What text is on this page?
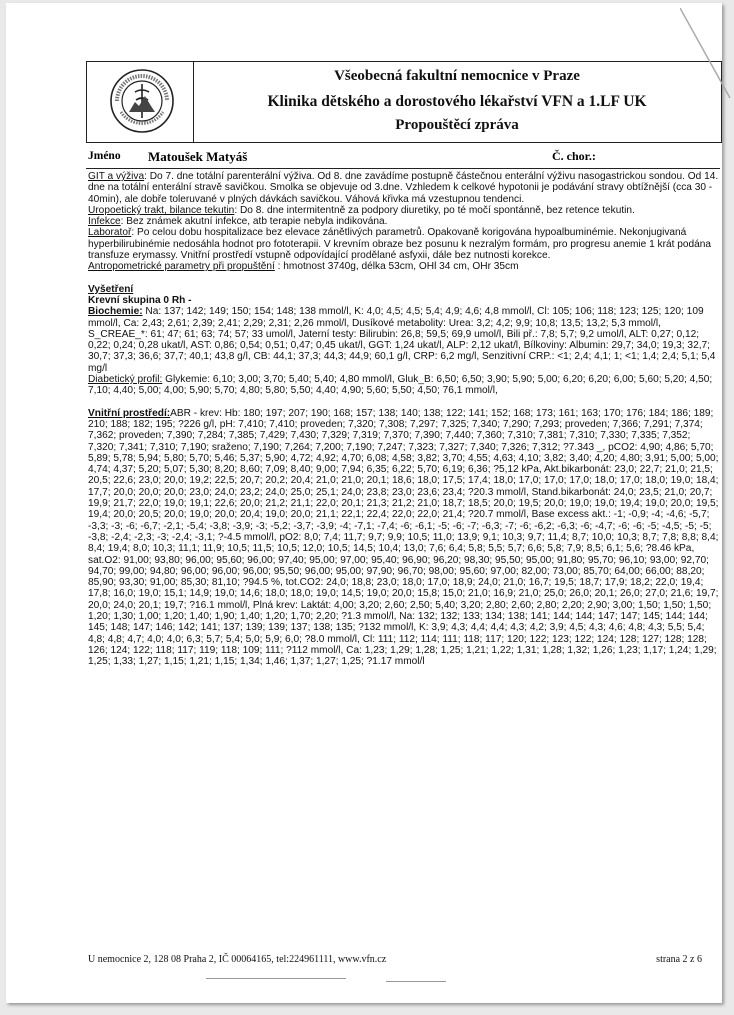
Všeobecná fakultní nemocnice v Praze
Klinika dětského a dorostového lékařství VFN a 1.LF UK
Propouštěcí zpráva
Jméno Matoušek Matyáš	Č. chor.:

GIT a výživa: Do 7. dne totální parenterální výživa. Od 8. dne zavádíme postupně částečnou enterální výživu nasogastrickou sondou. Od 14. dne na totální enterální stravě savičkou. Smolka se objevuje od 3.dne. Vzhledem k celkové hypotonii je podávání stravy obtížnější (cca 30 - 40min), ale dobře toleruvané v plných dávkách savičkou. Váhová křivka má vzestupnou tendenci.

Uropoetický trakt, bilance tekutin: Do 8. dne intermitentně za podpory diuretiky, po té močí spontánně, bez retence tekutin.

Infekce: Bez známek akutní infekce, atb terapie nebyla indikována.

Laboratoř: Po celou dobu hospitalizace bez elevace zánětlivých parametrů. Opakovaně korigována hypoalbuminémie. Nekonjugivaná hyperbilirubinémie nedosáhla hodnot pro fototerapii. V krevním obraze bez posunu k nezralým formám, pro progresu anemie 1 krát podána transfuze erymassy. Vnitřní prostředí vstupně odpovídající prodělané asfyxii, dále bez nutnosti korekce.

Antropometrické parametry při propuštění : hmotnost 3740g, délka 53cm, OHl 34 cm, OHr 35cm

Vyšetření

Krevní skupina 0 Rh -

Biochemie: Na: 137; 142; 149; 150; 154; 148; 138 mmol/l, K: 4,0; 4,5; 4,5; 5,4; 4,9; 4,6; 4,8 mmol/l, Cl: 105; 106; 118; 123; 125; 120; 109 mmol/l, Ca: 2,43; 2,61; 2,39; 2,41; 2,29; 2,31; 2,26 mmol/l, Dusíkové metabolity: Urea: 3,2; 4,2; 9,9; 10,8; 13,5; 13,2; 5,3 mmol/l, S_CREAE_*: 61; 47; 61; 63; 74; 57; 33 umol/l, Jaterní testy: Bilirubin: 26,8; 59,5; 69,9 umol/l, Bili př.: 7,8; 5,7; 9,2 umol/l, ALT: 0,27; 0,12; 0,22; 0,24; 0,28 ukat/l, AST: 0,86; 0,54; 0,51; 0,47; 0,45 ukat/l, GGT: 1,24 ukat/l, ALP: 2,12 ukat/l, Bílkoviny: Albumin: 29,7; 34,0; 19,3; 32,7; 30,7; 37,3; 36,6; 37,7; 40,1; 43,8 g/l, CB: 44,1; 37,3; 44,3; 44,9; 60,1 g/l, CRP: 6,2 mg/l, Senzitivní CRP.: <1; 2,4; 4,1; 1; <1; 1,4; 2,4; 5,1; 5,4 mg/l

Diabetický profil: Glykemie: 6,10; 3,00; 3,70; 5,40; 5,40; 4,80 mmol/l, Gluk_B: 6,50; 6,50; 3,90; 5,90; 5,00; 6,20; 6,20; 6,00; 5,60; 5,20; 4,50; 7,10; 4,40; 5,00; 4,00; 5,90; 5,70; 4,80; 5,80; 5,50; 4,40; 4,90; 5,60; 5,50; 4,50; 76,1 mmol/l,

Vnitřní prostředí:ABR - krev: Hb: 180; 197; 207; 190; 168; 157; 138; 140; 138; 122; 141; 152; 168; 173; 161; 163; 170; 176; 184; 186; 189; 210; 188; 182; 195; ?226 g/l, pH: 7,410; 7,410; proveden; 7,320; 7,308; 7,297; 7,325; 7,340; 7,290; 7,293; proveden; 7,366; 7,291; 7,374; 7,362; proveden; 7,390; 7,284; 7,385; 7,429; 7,430; 7,329; 7,319; 7,370; 7,390; 7,440; 7,360; 7,310; 7,381; 7,310; 7,330; 7,335; 7,352; 7,320; 7,341; 7,310; 7,190; sraženo; 7,190; 7,264; 7,200; 7,190; 7,247; 7,323; 7,327; 7,340; 7,326; 7,312; ?7.343 _, pCO2: 4,90; 4,86; 5,70; 5,89; 5,78; 5,94; 5,80; 5,70; 5,46; 5,37; 5,90; 4,72; 4,92; 4,70; 6,08; 4,58; 3,82; 3,70; 4,55; 4,63; 4,10; 3,82; 3,40; 4,20; 4,80; 3,91; 5,00; 5,00; 4,74; 4,37; 5,20; 5,07; 5,30; 8,20; 8,60; 7,09; 8,40; 9,00; 7,94; 6,35; 6,22; 5,70; 6,19; 6,36; ?5,12 kPa, Akt.bikarbonát: 23,0; 22,7; 21,0; 21,5; 20,5; 22,6; 23,0; 20,0; 19,2; 22,5; 20,7; 20,2; 20,4; 21,0; 21,0; 20,1; 18,6; 18,0; 17,5; 17,4; 18,0; 17,0; 17,0; 17,0; 18,0; 17,0; 18,0; 19,0; 18,4; 17,7; 20,0; 20,0; 20,0; 23,0; 24,0; 23,2; 24,0; 25,0; 25,1; 24,0; 23,8; 23,0; 23,6; 23,4; ?20.3 mmol/l, Stand.bikarbonát: 24,0; 23,5; 21,0; 20,7; 19,9; 21,7; 22,0; 19,0; 19,1; 22,6; 20,0; 21,2; 21,1; 22,0; 20,1; 21,3; 21,2; 21,0; 18,7; 18,5; 20,0; 19,5; 20,0; 19,0; 19,0; 19,4; 19,0; 20,0; 19,5; 19,4; 20,0; 20,5; 20,0; 19,0; 20,0; 20,4; 19,0; 20,0; 21,1; 22,1; 22,4; 22,0; 22,0; 21,4; ?20.7 mmol/l, Base excess akt.: -1; -0,9; -4; -4,6; -5,7; -3,3; -3; -6; -6,7; -2,1; -5,4; -3,8; -3,9; -3; -5,2; -3,7; -3,9; -4; -7,1; -7,4; -6; -6,1; -5; -6; -7; -6,3; -7; -6; -6,2; -6,3; -6; -4,7; -6; -6; -5; -4,5; -5; -5; -3,8; -2,4; -2,3; -3; -2,4; -3,1; ?-4.5 mmol/l, pO2: 8,0; 7,4; 11,7; 9,7; 9,9; 10,5; 11,0; 13,9; 9,1; 10,3; 9,7; 11,4; 8,7; 10,0; 10,3; 8,7; 7,8; 8,8; 8,4; 8,4; 19,4; 8,0; 10,3; 11,1; 11,9; 10,5; 11,5; 10,5; 12,0; 10,5; 14,5; 10,4; 13,0; 7,6; 6,4; 5,8; 5,5; 5,7; 6,6; 5,8; 7,9; 8,5; 6,1; 5,6; ?8.46 kPa, sat.O2: 91,00; 93,80; 96,00; 95,60; 96,00; 97,40; 95,00; 97,00; 95,40; 96,90; 96,20; 98,30; 95,50; 95,00; 91,80; 95,70; 96,10; 93,00; 92,70; 94,70; 99,00; 94,80; 96,00; 96,00; 96,00; 95,50; 96,00; 95,00; 97,90; 96,70; 98,00; 95,60; 97,00; 82,00; 73,00; 85,70; 64,00; 66,00; 88,20; 85,90; 93,30; 91,00; 85,30; 81,10; ?94.5 %, tot.CO2: 24,0; 18,8; 23,0; 18,0; 17,0; 18,9; 24,0; 21,0; 16,7; 19,5; 18,7; 17,9; 18,2; 22,0; 19,4; 17,8; 16,0; 19,0; 15,1; 14,9; 19,0; 14,6; 18,0; 18,0; 19,0; 14,5; 19,0; 20,0; 15,8; 15,0; 21,0; 16,9; 21,0; 25,0; 26,0; 20,1; 26,0; 27,0; 21,6; 19,7; 20,0; 24,0; 20,1; 19,7; ?16.1 mmol/l, Plná krev: Laktát: 4,00; 3,20; 2,60; 2,50; 5,40; 3,20; 2,80; 2,60; 2,80; 2,20; 2,90; 3,00; 1,50; 1,50; 1,50; 1,20; 1,30; 1,00; 1,20; 1,40; 1,90; 1,40; 1,20; 1,70; 2,20; ?1.3 mmol/l, Na: 132; 132; 133; 134; 138; 141; 144; 144; 147; 147; 145; 144; 144; 145; 148; 147; 146; 142; 141; 137; 139; 139; 137; 138; 135; ?132 mmol/l, K: 3,9; 4,3; 4,4; 4,4; 4,3; 4,2; 3,9; 4,5; 4,3; 4,6; 4,8; 4,3; 5,5; 5,4; 4,8; 4,8; 4,7; 4,0; 4,0; 6,3; 5,7; 5,4; 5,0; 5,9; 6,0; ?8.0 mmol/l, Cl: 111; 112; 114; 111; 118; 117; 120; 122; 123; 122; 124; 128; 127; 128; 128; 126; 124; 122; 118; 117; 119; 118; 109; 111; ?112 mmol/l, Ca: 1,23; 1,29; 1,28; 1,25; 1,21; 1,22; 1,31; 1,28; 1,32; 1,26; 1,23; 1,17; 1,24; 1,29; 1,25; 1,33; 1,27; 1,15; 1,21; 1,15; 1,34; 1,46; 1,37; 1,27; 1,25; ?1.17 mmol/l

U nemocnice 2, 128 08 Praha 2, IČ 00064165, tel:224961111, www.vfn.cz	strana 2 z 6
